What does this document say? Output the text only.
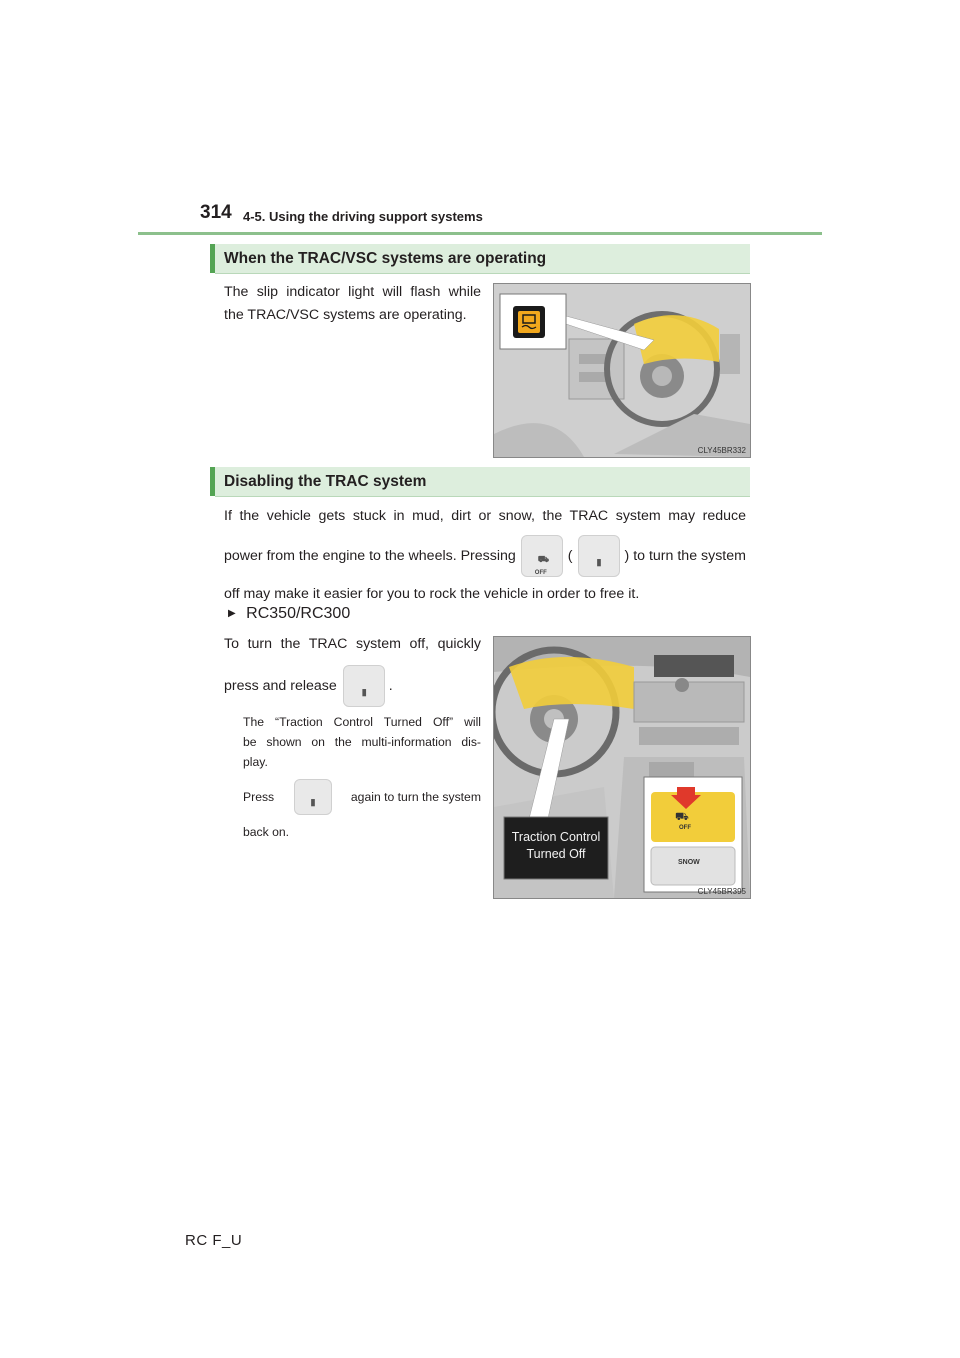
314 4-5. Using the driving support systems
When the TRAC/VSC systems are operating
The slip indicator light will flash while
the TRAC/VSC systems are operating.
CLY45BR332
Disabling the TRAC system
If the vehicle gets stuck in mud, dirt or snow, the TRAC system may reduce
power from the engine to the wheels. Pressing ⛟
OFF
(	▮ ) to turn the system
off may make it easier for you to rock the vehicle in order to free it.
▶ RC350/RC300
To turn the TRAC system off, quickly
press and release	▮ .
The “Traction Control Turned Off” will
be shown on the multi-information dis-
play.
Press	▮	again to turn the system
back on.	Traction Control
Turned Off
⛟
OFF
SNOW
CLY45BR395
RC F_U
